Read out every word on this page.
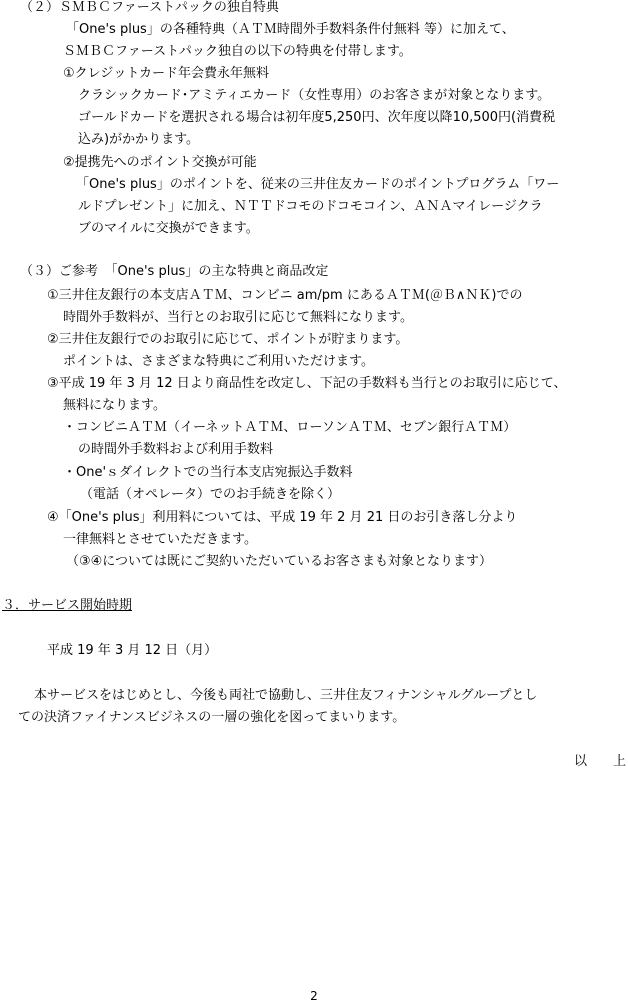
（２）ＳＭＢＣファーストパックの独自特典
「One's plus」の各種特典（ＡＴＭ時間外手数料条件付無料 等）に加えて、
ＳＭＢＣファーストパック独自の以下の特典を付帯します。
①クレジットカード年会費永年無料
クラシックカード･アミティエカード（女性専用）のお客さまが対象となります。
ゴールドカードを選択される場合は初年度5,250円、次年度以降10,500円(消費税
込み)がかかります。
②提携先へのポイント交換が可能
「One's plus」のポイントを、従来の三井住友カードのポイントプログラム「ワー
ルドプレゼント」に加え、ＮＴＴドコモのドコモコイン、ＡＮＡマイレージクラ
ブのマイルに交換ができます。
（３）ご参考　「One's plus」の主な特典と商品改定
①三井住友銀行の本支店ＡＴＭ、コンビニ am/pm にあるＡＴＭ(＠Ｂ∧ＮＫ)での
時間外手数料が、当行とのお取引に応じて無料になります。
②三井住友銀行でのお取引に応じて、ポイントが貯まります。
ポイントは、さまざまな特典にご利用いただけます。
③平成 19 年 3 月 12 日より商品性を改定し、下記の手数料も当行とのお取引に応じて、
無料になります。
・コンビニＡＴＭ（イーネットＡＴＭ、ローソンＡＴＭ、セブン銀行ＡＴＭ）
の時間外手数料および利用手数料
・One'ｓダイレクトでの当行本支店宛振込手数料
（電話（オペレータ）でのお手続きを除く）
④「One's plus」利用料については、平成 19 年 2 月 21 日のお引き落し分より
一律無料とさせていただきます。
（③④については既にご契約いただいているお客さまも対象となります）
３．サービス開始時期
平成 19 年 3 月 12 日（月）
本サービスをはじめとし、今後も両社で協動し、三井住友フィナンシャルグループとし
ての決済ファイナンスビジネスの一層の強化を図ってまいります。
以　　上
2
